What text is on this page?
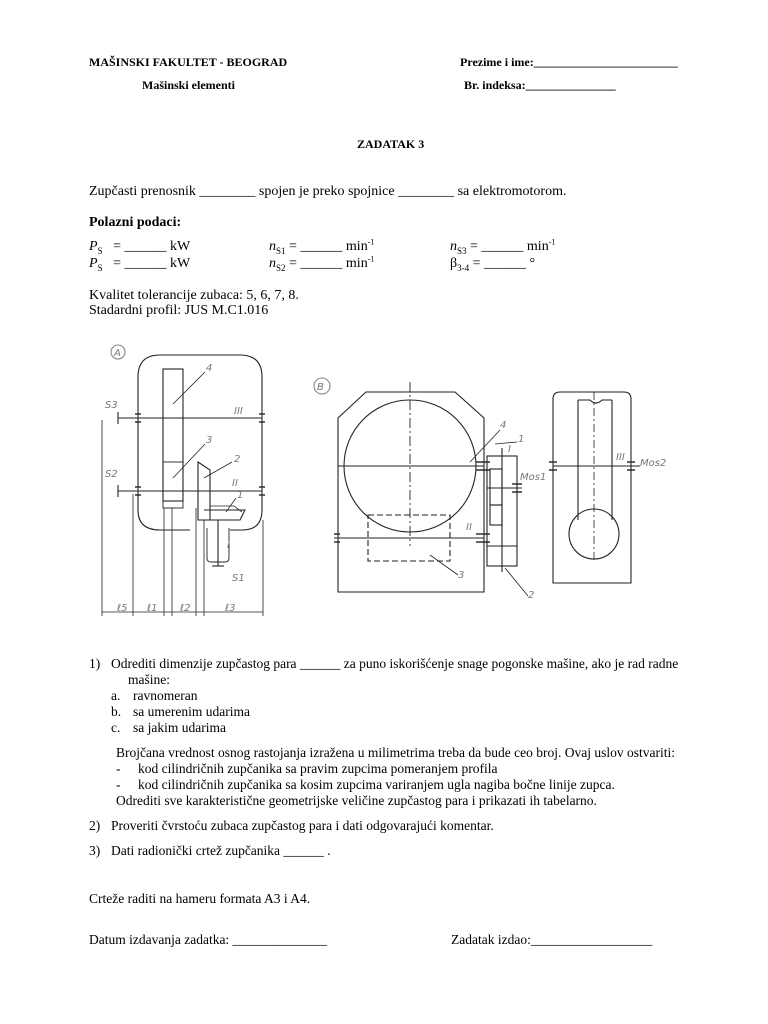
MAŠINSKI FAKULTET - BEOGRAD
Mašinski elementi
Prezime i ime:________________________
Br. indeksa:_______________
ZADATAK 3
Zupčasti prenosnik ________ spojen je preko spojnice ________ sa elektromotorom.
Polazni podaci:
$P_S$ = ______ kW
$P_S$ = ______ kW
$n_{S1}$ = ______ $\min^{-1}$
$n_{S2}$ = ______ $\min^{-1}$
$n_{S3}$ = ______ $\min^{-1}$
$\beta_{3-4}$ = ______ °
Kvalitet tolerancije zubaca: 5, 6, 7, 8.
Stadardni profil: JUS M.C1.016
A
B
S3
S2
S1
4
3
2
1
III
II
I
ℓ5 ℓ1 ℓ2	ℓ3
4
1
2
3
II
I
Mos1
III
Mos2
1) Odrediti dimenzije zupčastog para ______ za puno iskorišćenje snage pogonske mašine, ako je rad radne
mašine:
a. ravnomeran
b. sa umerenim udarima
c. sa jakim udarima
Brojčana vrednost osnog rastojanja izražena u milimetrima treba da bude ceo broj. Ovaj uslov ostvariti:
- kod cilindričnih zupčanika sa pravim zupcima pomeranjem profila
- kod cilindričnih zupčanika sa kosim zupcima variranjem ugla nagiba bočne linije zupca.
Odrediti sve karakteristične geometrijske veličine zupčastog para i prikazati ih tabelarno.
2) Proveriti čvrstoću zubaca zupčastog para i dati odgovarajući komentar.
3) Dati radionički crtež zupčanika ______ .
Crteže raditi na hameru formata A3 i A4.
Datum izdavanja zadatka: ______________	Zadatak izdao:__________________
